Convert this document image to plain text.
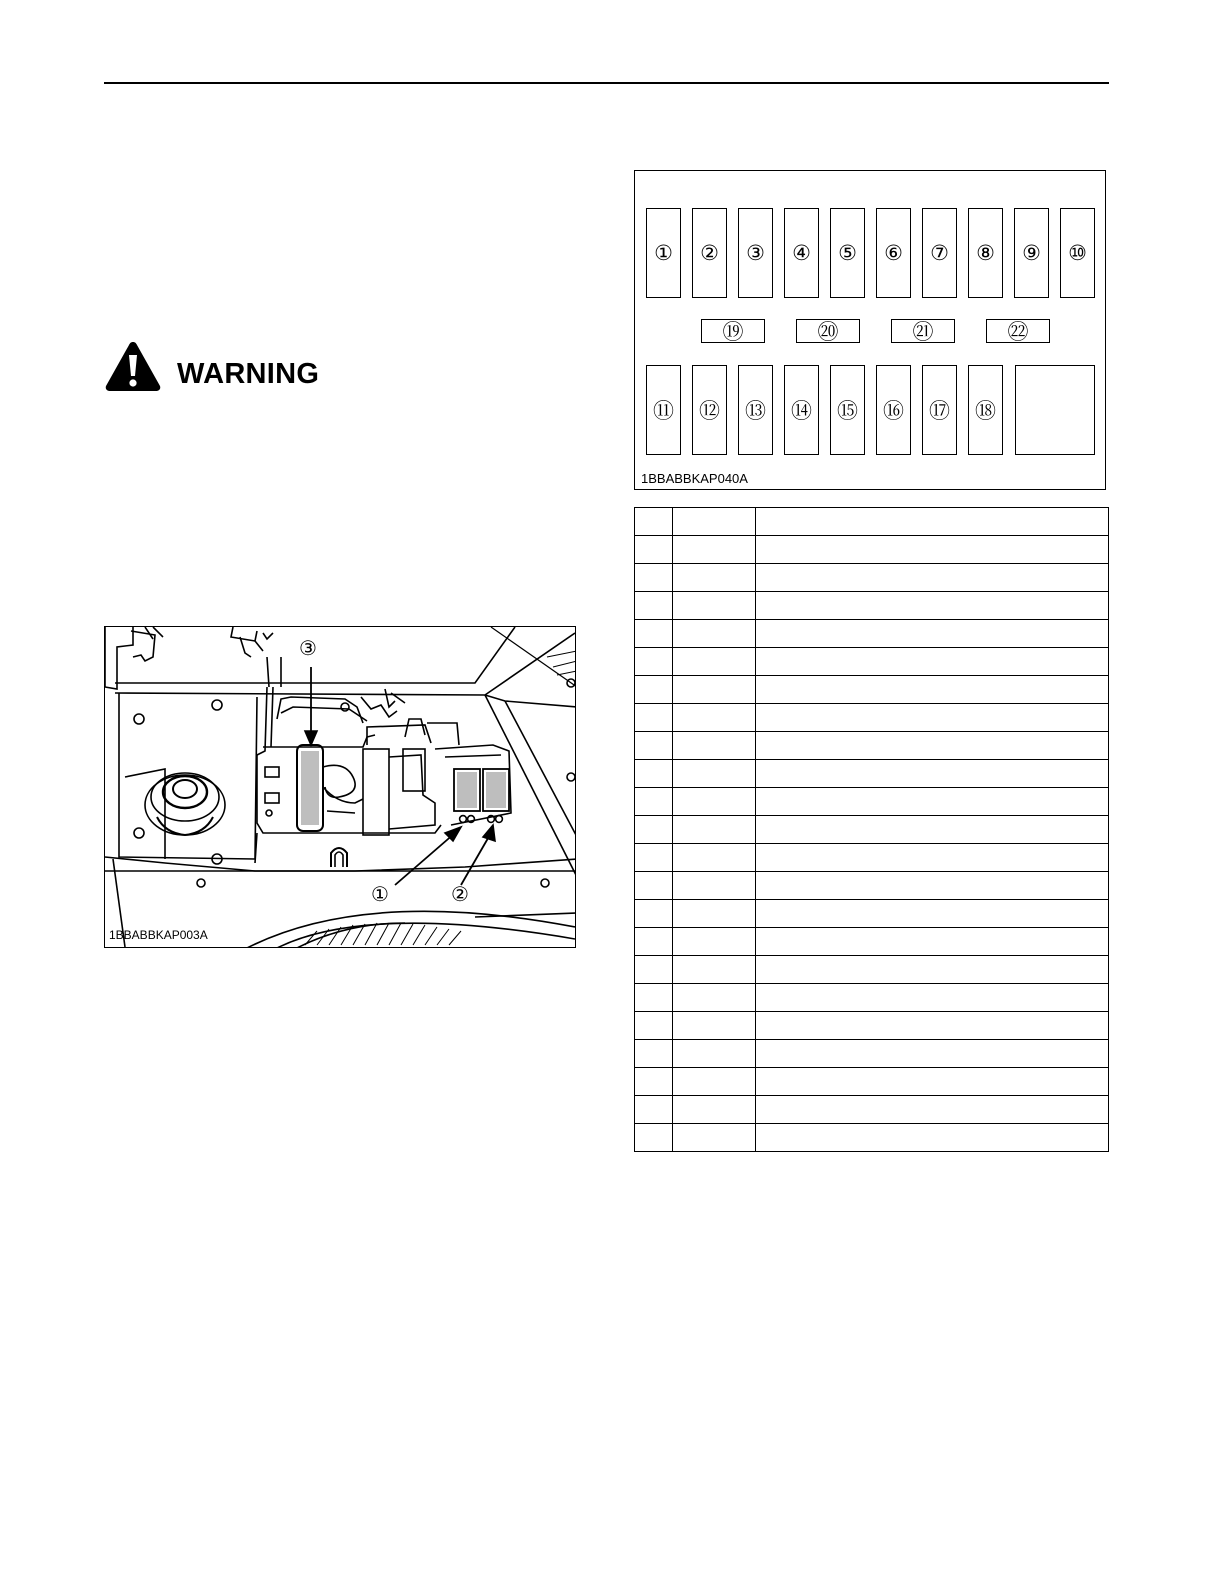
WARNING
③
①	②
1BBABBKAP003A
①	②	③	④	⑤	⑥	⑦	⑧	⑨	⑩
⑲	⑳	㉑	㉒
⑪	⑫	⑬	⑭	⑮	⑯	⑰	⑱
1BBABBKAP040A
